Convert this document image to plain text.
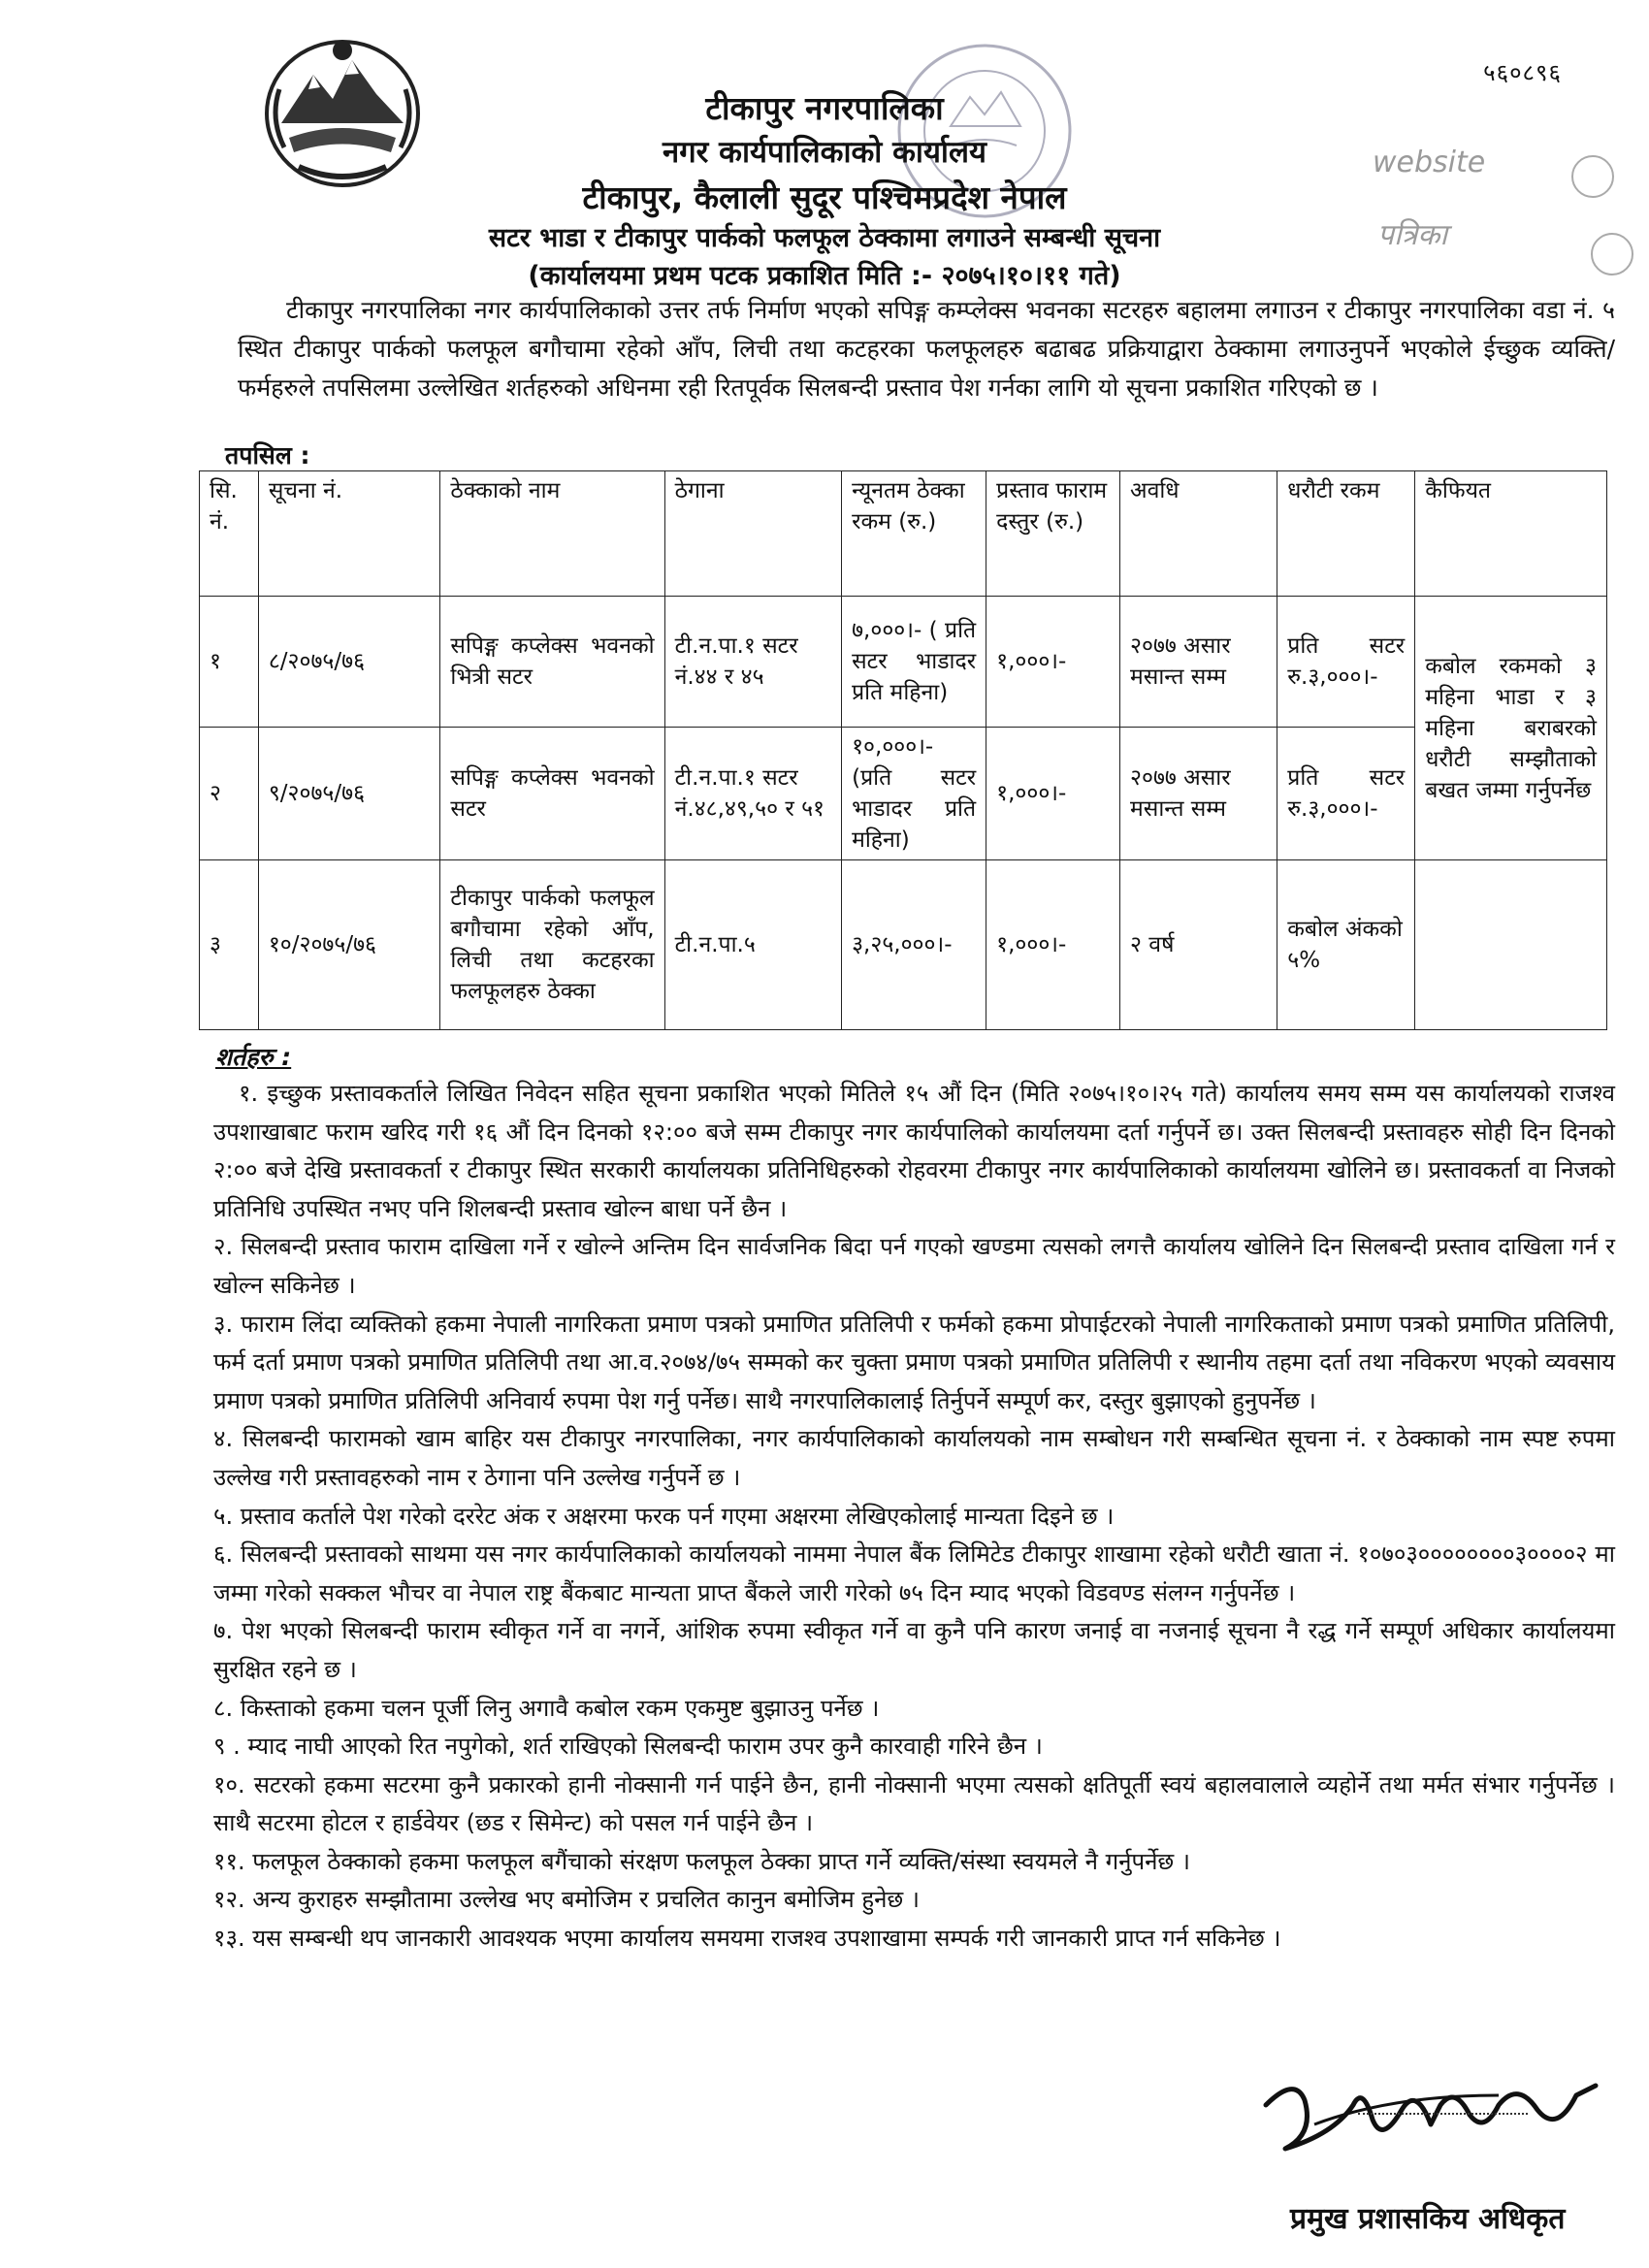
५६०८९६
website
पत्रिका
टीकापुर नगरपालिका
नगर कार्यपालिकाको कार्यालय
टीकापुर, कैलाली सुदूर पश्चिमप्रदेश नेपाल
सटर भाडा र टीकापुर पार्कको फलफूल ठेक्कामा लगाउने सम्बन्धी सूचना
(कार्यालयमा प्रथम पटक प्रकाशित मिति :- २०७५।१०।११ गते)
टीकापुर नगरपालिका नगर कार्यपालिकाको उत्तर तर्फ निर्माण भएको सपिङ्ग कम्प्लेक्स भवनका सटरहरु बहालमा लगाउन र टीकापुर नगरपालिका वडा नं. ५ स्थित टीकापुर पार्कको फलफूल बगौचामा रहेको आँप, लिची तथा कटहरका फलफूलहरु बढाबढ प्रक्रियाद्वारा ठेक्कामा लगाउनुपर्ने भएकोले ईच्छुक व्यक्ति/फर्महरुले तपसिलमा उल्लेखित शर्तहरुको अधिनमा रही रितपूर्वक सिलबन्दी प्रस्ताव पेश गर्नका लागि यो सूचना प्रकाशित गरिएको छ ।
तपसिल :
सि. नं.	सूचना नं.	ठेक्काको नाम	ठेगाना	न्यूनतम ठेक्का रकम (रु.)	प्रस्ताव फाराम दस्तुर (रु.)	अवधि	धरौटी रकम	कैफियत
१	८/२०७५/७६	सपिङ्ग कप्लेक्स भवनको भित्री सटर	टी.न.पा.१ सटर नं.४४ र ४५	७,०००।- ( प्रति सटर भाडादर प्रति महिना)	१,०००।-	२०७७ असार मसान्त सम्म	प्रति सटर रु.३,०००।-	कबोल रकमको ३ महिना भाडा र ३ महिना बराबरको धरौटी सम्झौताको बखत जम्मा गर्नुपर्नेछ
२	९/२०७५/७६	सपिङ्ग कप्लेक्स भवनको सटर	टी.न.पा.१ सटर नं.४८,४९,५० र ५१	१०,०००।- (प्रति सटर भाडादर प्रति महिना)	१,०००।-	२०७७ असार मसान्त सम्म	प्रति सटर रु.३,०००।-	
३	१०/२०७५/७६	टीकापुर पार्कको फलफूल बगौचामा रहेको आँप, लिची तथा कटहरका फलफूलहरु ठेक्का	टी.न.पा.५	३,२५,०००।-	१,०००।-	२ वर्ष	कबोल अंकको ५%	
शर्तहरु :

१. इच्छुक प्रस्तावकर्ताले लिखित निवेदन सहित सूचना प्रकाशित भएको मितिले १५ औं दिन (मिति २०७५।१०।२५ गते) कार्यालय समय सम्म यस कार्यालयको राजश्व उपशाखाबाट फराम खरिद गरी १६ औं दिन दिनको १२:०० बजे सम्म टीकापुर नगर कार्यपालिको कार्यालयमा दर्ता गर्नुपर्ने छ। उक्त सिलबन्दी प्रस्तावहरु सोही दिन दिनको २:०० बजे देखि प्रस्तावकर्ता र टीकापुर स्थित सरकारी कार्यालयका प्रतिनिधिहरुको रोहवरमा टीकापुर नगर कार्यपालिकाको कार्यालयमा खोलिने छ। प्रस्तावकर्ता वा निजको प्रतिनिधि उपस्थित नभए पनि शिलबन्दी प्रस्ताव खोल्न बाधा पर्ने छैन ।

२. सिलबन्दी प्रस्ताव फाराम दाखिला गर्ने र खोल्ने अन्तिम दिन सार्वजनिक बिदा पर्न गएको खण्डमा त्यसको लगत्तै कार्यालय खोलिने दिन सिलबन्दी प्रस्ताव दाखिला गर्न र खोल्न सकिनेछ ।

३. फाराम लिंदा व्यक्तिको हकमा नेपाली नागरिकता प्रमाण पत्रको प्रमाणित प्रतिलिपी र फर्मको हकमा प्रोपाईटरको नेपाली नागरिकताको प्रमाण पत्रको प्रमाणित प्रतिलिपी, फर्म दर्ता प्रमाण पत्रको प्रमाणित प्रतिलिपी तथा आ.व.२०७४/७५ सम्मको कर चुक्ता प्रमाण पत्रको प्रमाणित प्रतिलिपी र स्थानीय तहमा दर्ता तथा नविकरण भएको व्यवसाय प्रमाण पत्रको प्रमाणित प्रतिलिपी अनिवार्य रुपमा पेश गर्नु पर्नेछ। साथै नगरपालिकालाई तिर्नुपर्ने सम्पूर्ण कर, दस्तुर बुझाएको हुनुपर्नेछ ।

४. सिलबन्दी फारामको खाम बाहिर यस टीकापुर नगरपालिका, नगर कार्यपालिकाको कार्यालयको नाम सम्बोधन गरी सम्बन्धित सूचना नं. र ठेक्काको नाम स्पष्ट रुपमा उल्लेख गरी प्रस्तावहरुको नाम र ठेगाना पनि उल्लेख गर्नुपर्ने छ ।

५. प्रस्ताव कर्ताले पेश गरेको दररेट अंक र अक्षरमा फरक पर्न गएमा अक्षरमा लेखिएकोलाई मान्यता दिइने छ ।

६. सिलबन्दी प्रस्तावको साथमा यस नगर कार्यपालिकाको कार्यालयको नाममा नेपाल बैंक लिमिटेड टीकापुर शाखामा रहेको धरौटी खाता नं. १०७०३००००००००३००००२ मा जम्मा गरेको सक्कल भौचर वा नेपाल राष्ट्र बैंकबाट मान्यता प्राप्त बैंकले जारी गरेको ७५ दिन म्याद भएको विडवण्ड संलग्न गर्नुपर्नेछ ।

७. पेश भएको सिलबन्दी फाराम स्वीकृत गर्ने वा नगर्ने, आंशिक रुपमा स्वीकृत गर्ने वा कुनै पनि कारण जनाई वा नजनाई सूचना नै रद्ध गर्ने सम्पूर्ण अधिकार कार्यालयमा सुरक्षित रहने छ ।

८. किस्ताको हकमा चलन पूर्जी लिनु अगावै कबोल रकम एकमुष्ट बुझाउनु पर्नेछ ।

९ . म्याद नाघी आएको रित नपुगेको, शर्त राखिएको सिलबन्दी फाराम उपर कुनै कारवाही गरिने छैन ।

१०. सटरको हकमा सटरमा कुनै प्रकारको हानी नोक्सानी गर्न पाईने छैन, हानी नोक्सानी भएमा त्यसको क्षतिपूर्ती स्वयं बहालवालाले व्यहोर्ने तथा मर्मत संभार गर्नुपर्नेछ । साथै सटरमा होटल र हार्डवेयर (छड र सिमेन्ट) को पसल गर्न पाईने छैन ।

११. फलफूल ठेक्काको हकमा फलफूल बगैंचाको संरक्षण फलफूल ठेक्का प्राप्त गर्ने व्यक्ति/संस्था स्वयमले नै गर्नुपर्नेछ ।

१२. अन्य कुराहरु सम्झौतामा उल्लेख भए बमोजिम र प्रचलित कानुन बमोजिम हुनेछ ।

१३. यस सम्बन्धी थप जानकारी आवश्यक भएमा कार्यालय समयमा राजश्व उपशाखामा सम्पर्क गरी जानकारी प्राप्त गर्न सकिनेछ ।

प्रमुख प्रशासकिय अधिकृत
